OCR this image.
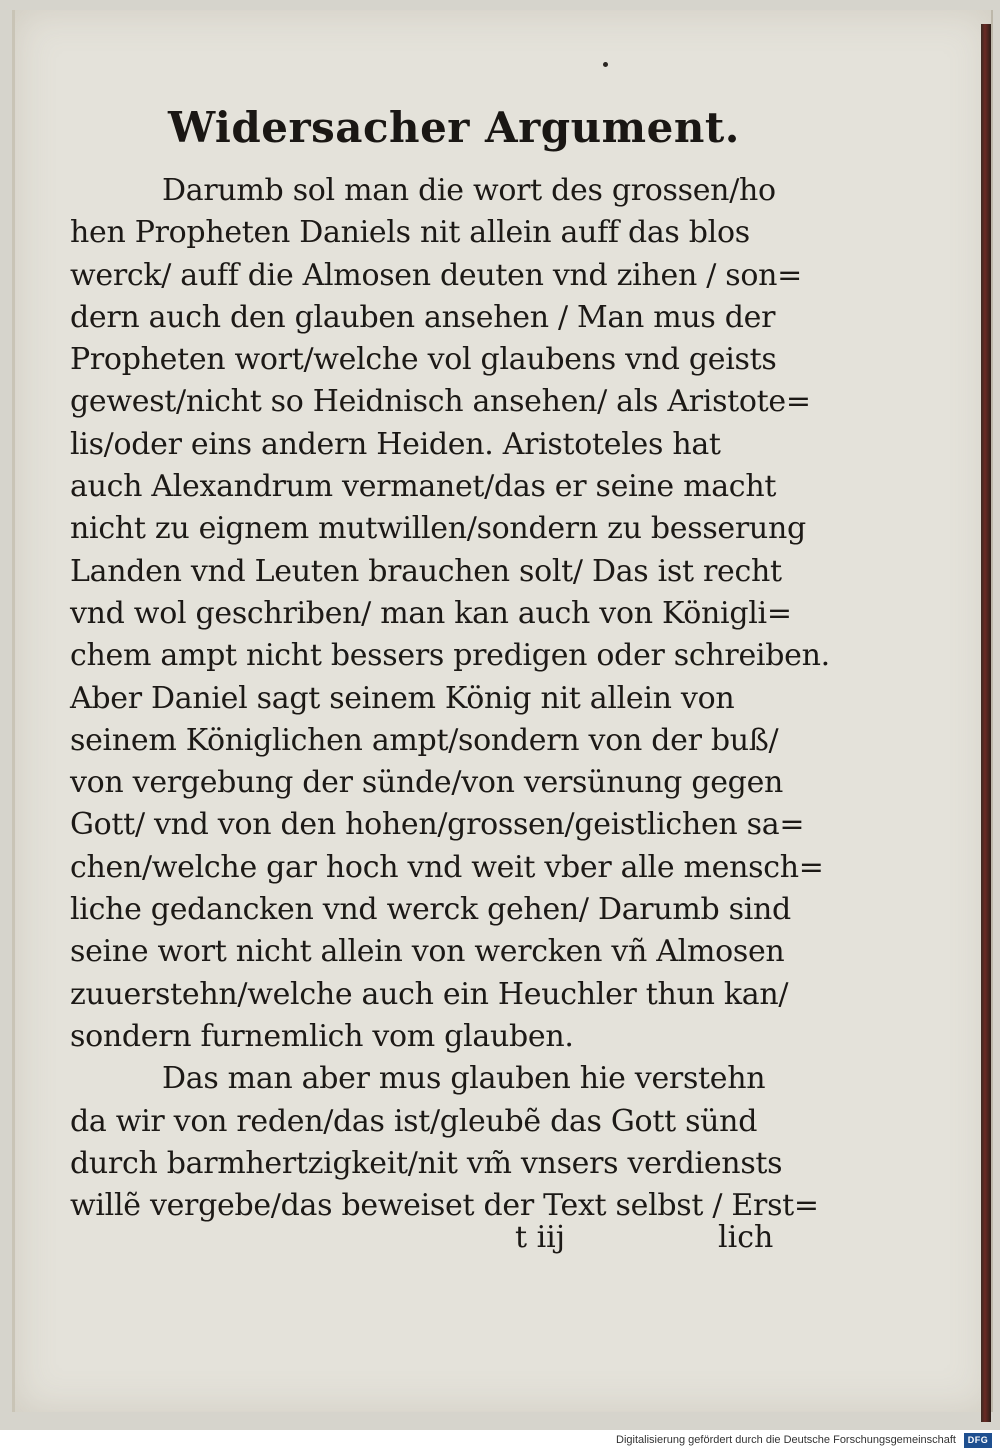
Widersacher Argument.
Darumb sol man die wort des grossen/ho
hen Propheten Daniels nit allein auff das blos
werck/ auff die Almosen deuten vnd zihen / son=
dern auch den glauben ansehen / Man mus der
Propheten wort/welche vol glaubens vnd geists
gewest/nicht so Heidnisch ansehen/ als Aristote=
lis/oder eins andern Heiden. Aristoteles hat
auch Alexandrum vermanet/das er seine macht
nicht zu eignem mutwillen/sondern zu besserung
Landen vnd Leuten brauchen solt/ Das ist recht
vnd wol geschriben/ man kan auch von Königli=
chem ampt nicht bessers predigen oder schreiben.
Aber Daniel sagt seinem König nit allein von
seinem Königlichen ampt/sondern von der buß/
von vergebung der sünde/von versünung gegen
Gott/ vnd von den hohen/grossen/geistlichen sa=
chen/welche gar hoch vnd weit vber alle mensch=
liche gedancken vnd werck gehen/ Darumb sind
seine wort nicht allein von wercken vñ Almosen
zuuerstehn/welche auch ein Heuchler thun kan/
sondern furnemlich vom glauben.
Das man aber mus glauben hie verstehn
da wir von reden/das ist/gleubẽ das Gott sünd
durch barmhertzigkeit/nit vm̃ vnsers verdiensts
willẽ vergebe/das beweiset der Text selbst / Erst=
t iij	lich
Digitalisierung gefördert durch die Deutsche Forschungsgemeinschaft	DFG
